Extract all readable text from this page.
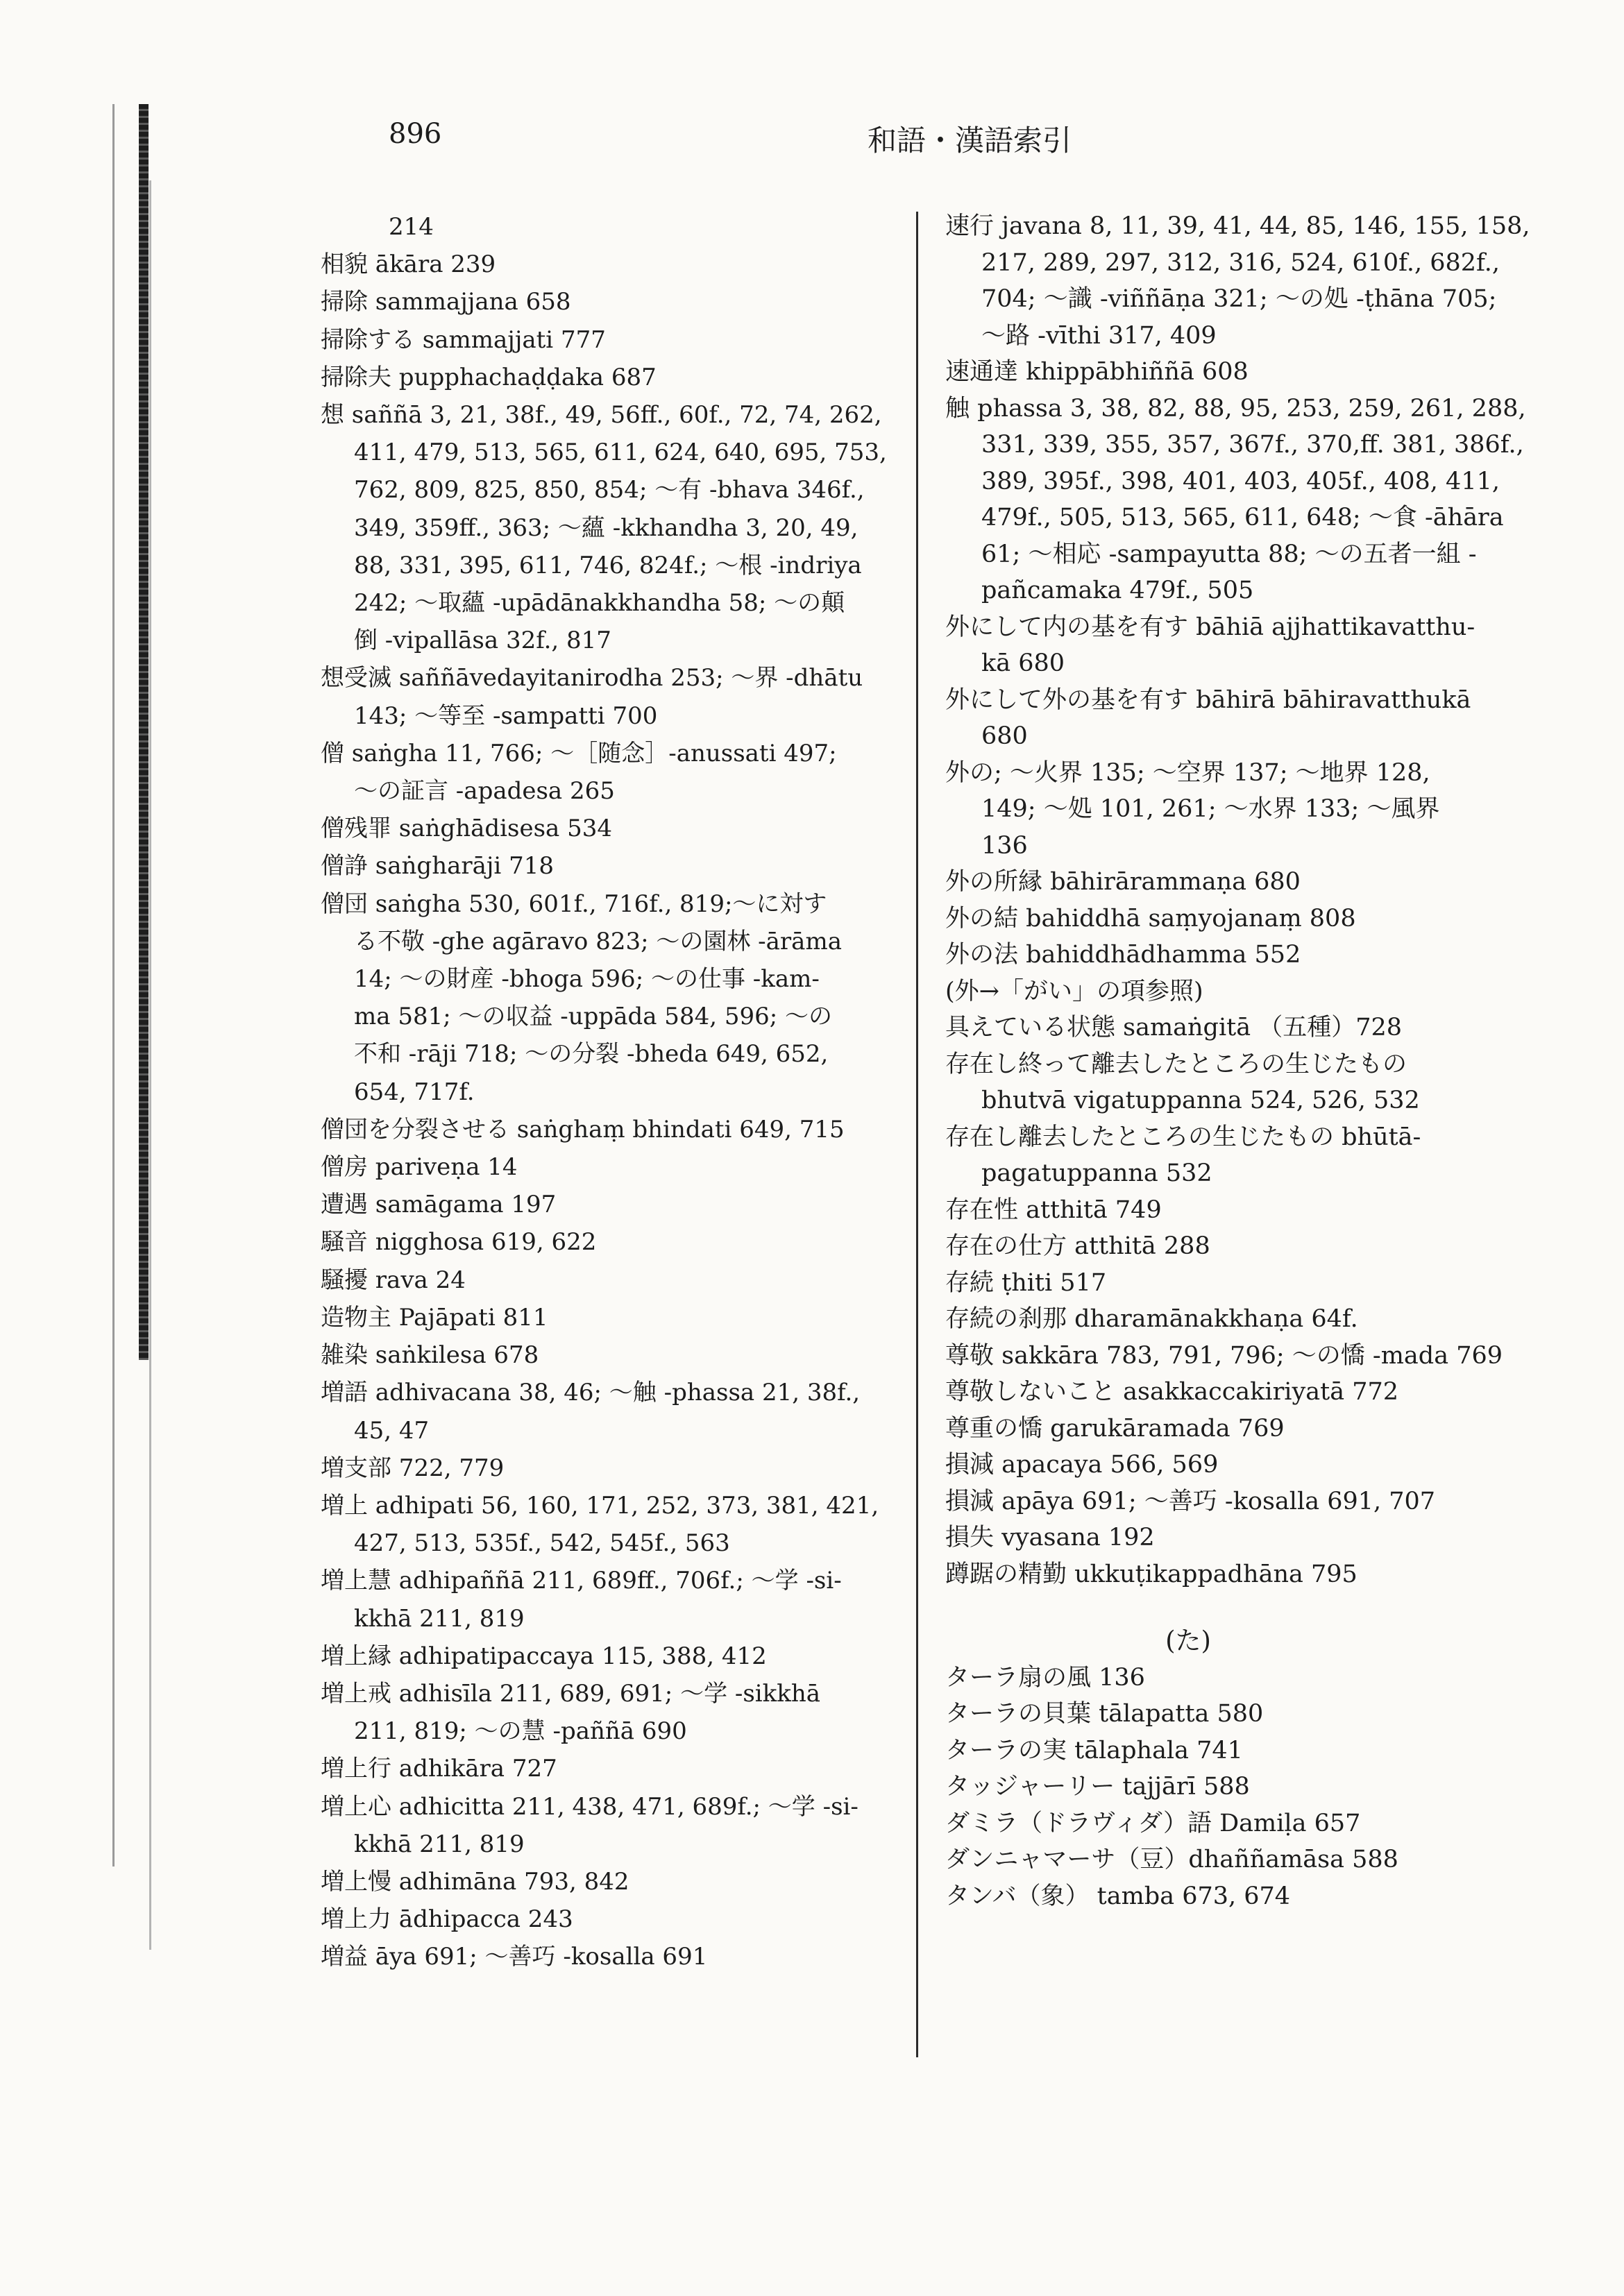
896	和語・漢語索引
214
相貌 ākāra 239
掃除 sammajjana 658
掃除する sammajjati 777
掃除夫 pupphachaḍḍaka 687
想 saññā 3, 21, 38f., 49, 56ff., 60f., 72, 74, 262,
411, 479, 513, 565, 611, 624, 640, 695, 753,
762, 809, 825, 850, 854; 〜有 -bhava 346f.,
349, 359ff., 363; 〜蘊 -kkhandha 3, 20, 49,
88, 331, 395, 611, 746, 824f.; 〜根 -indriya
242; 〜取蘊 -upādānakkhandha 58; 〜の顛
倒 -vipallāsa 32f., 817
想受滅 saññāvedayitanirodha 253; 〜界 -dhātu
143; 〜等至 -sampatti 700
僧 saṅgha 11, 766; 〜［随念］-anussati 497;
〜の証言 -apadesa 265
僧残罪 saṅghādisesa 534
僧諍 saṅgharāji 718
僧団 saṅgha 530, 601f., 716f., 819;〜に対す
る不敬 -ghe agāravo 823; 〜の園林 -ārāma
14; 〜の財産 -bhoga 596; 〜の仕事 -kam-
ma 581; 〜の収益 -uppāda 584, 596; 〜の
不和 -rāji 718; 〜の分裂 -bheda 649, 652,
654, 717f.
僧団を分裂させる saṅghaṃ bhindati 649, 715
僧房 pariveṇa 14
遭遇 samāgama 197
騒音 nigghosa 619, 622
騒擾 rava 24
造物主 Pajāpati 811
雑染 saṅkilesa 678
増語 adhivacana 38, 46; 〜触 -phassa 21, 38f.,
45, 47
増支部 722, 779
増上 adhipati 56, 160, 171, 252, 373, 381, 421,
427, 513, 535f., 542, 545f., 563
増上慧 adhipaññā 211, 689ff., 706f.; 〜学 -si-
kkhā 211, 819
増上縁 adhipatipaccaya 115, 388, 412
増上戒 adhisīla 211, 689, 691; 〜学 -sikkhā
211, 819; 〜の慧 -paññā 690
増上行 adhikāra 727
増上心 adhicitta 211, 438, 471, 689f.; 〜学 -si-
kkhā 211, 819
増上慢 adhimāna 793, 842
増上力 ādhipacca 243
増益 āya 691; 〜善巧 -kosalla 691
速行 javana 8, 11, 39, 41, 44, 85, 146, 155, 158,
217, 289, 297, 312, 316, 524, 610f., 682f.,
704; 〜識 -viññāṇa 321; 〜の処 -ṭhāna 705;
〜路 -vīthi 317, 409
速通達 khippābhiññā 608
触 phassa 3, 38, 82, 88, 95, 253, 259, 261, 288,
331, 339, 355, 357, 367f., 370,ff. 381, 386f.,
389, 395f., 398, 401, 403, 405f., 408, 411,
479f., 505, 513, 565, 611, 648; 〜食 -āhāra
61; 〜相応 -sampayutta 88; 〜の五者一組 -
pañcamaka 479f., 505
外にして内の基を有す bāhiā ajjhattikavatthu-
kā 680
外にして外の基を有す bāhirā bāhiravatthukā
680
外の; 〜火界 135; 〜空界 137; 〜地界 128,
149; 〜処 101, 261; 〜水界 133; 〜風界
136
外の所縁 bāhirārammaṇa 680
外の結 bahiddhā saṃyojanaṃ 808
外の法 bahiddhādhamma 552
(外→「がい」の項参照)
具えている状態 samaṅgitā （五種）728
存在し終って離去したところの生じたもの
bhutvā vigatuppanna 524, 526, 532
存在し離去したところの生じたもの bhūtā-
pagatuppanna 532
存在性 atthitā 749
存在の仕方 atthitā 288
存続 ṭhiti 517
存続の刹那 dharamānakkhaṇa 64f.
尊敬 sakkāra 783, 791, 796; 〜の憍 -mada 769
尊敬しないこと asakkaccakiriyatā 772
尊重の憍 garukāramada 769
損減 apacaya 566, 569
損減 apāya 691; 〜善巧 -kosalla 691, 707
損失 vyasana 192
蹲踞の精勤 ukkuṭikappadhāna 795
(た)
ターラ扇の風 136
ターラの貝葉 tālapatta 580
ターラの実 tālaphala 741
タッジャーリー tajjārī 588
ダミラ（ドラヴィダ）語 Damiḷa 657
ダンニャマーサ（豆）dhaññamāsa 588
タンバ（象） tamba 673, 674
